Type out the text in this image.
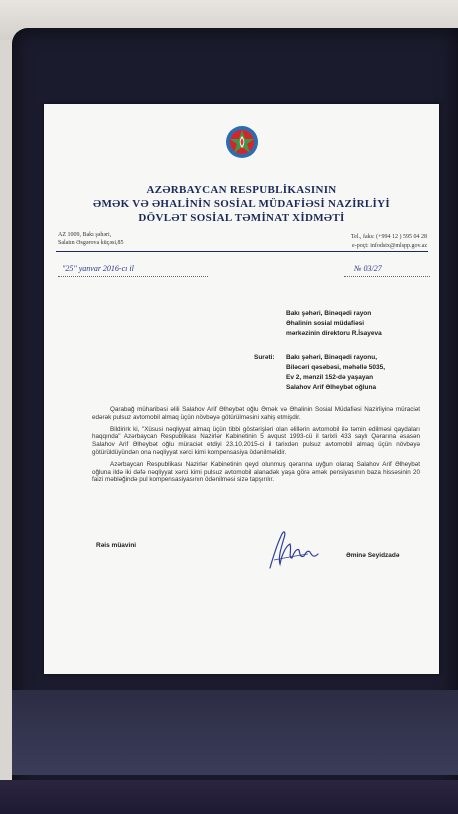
AZƏRBAYCAN RESPUBLİKASININ
ƏMƏK VƏ ƏHALİNİN SOSİAL MÜDAFİƏSİ NAZİRLİYİ
DÖVLƏT SOSİAL TƏMİNAT XİDMƏTİ
AZ 1009, Bakı şəhəri,
Salatın Əsgərova küçəsi,85
Tel., faks: (+994 12 ) 595 04 28
e-poçt: infodstx@mlspp.gov.az
"25" yanvar 2016-cı il	№ 03/27
Bakı şəhəri, Binəqədi rayon
Əhalinin sosial müdafiəsi
mərkəzinin direktoru R.İsayeva
Surəti: Bakı şəhəri, Binəqədi rayonu,
Biləcəri qəsəbəsi, məhəllə 5035,
Ev 2, mənzil 152-də yaşayan
Salahov Arif Əlheybət oğluna

Qarabağ müharibəsi əlili Salahov Arif Əlheybət oğlu Əmək və Əhalinin Sosial Müdafiəsi Nazirliyinə müraciət edərək pulsuz avtomobil almaq üçün növbəyə götürülməsini xahiş etmişdir.

Bildirirk ki, "Xüsusi nəqliyyat almaq üçün tibbi göstərişləri olan əlillərin avtomobil ilə təmin edilməsi qaydaları haqqında" Azərbaycan Respublikası Nazirlər Kabinetinin 5 avqust 1993-cü il tarixli 433 saylı Qərarına əsasən Salahov Arif Əlheybət oğlu müraciət etdiyi 23.10.2015-ci il tarixdən pulsuz avtomobil almaq üçün növbəyə götürüldüyündən ona nəqliyyat xərci kimi kompensasiya ödənilməlidir.

Azərbaycan Respublikası Nazirlər Kabinetinin qeyd olunmuş qərarına uyğun olaraq Salahov Arif Əlheybət oğluna ildə iki dəfə nəqliyyat xərci kimi pulsuz avtomobil alanadək yaşa görə əmək pensiyasının baza hissəsinin 20 faizi məbləğində pul kompensasiyasının ödənilməsi sizə tapşırılır.

Rəis müavini
Əminə Seyidzadə
